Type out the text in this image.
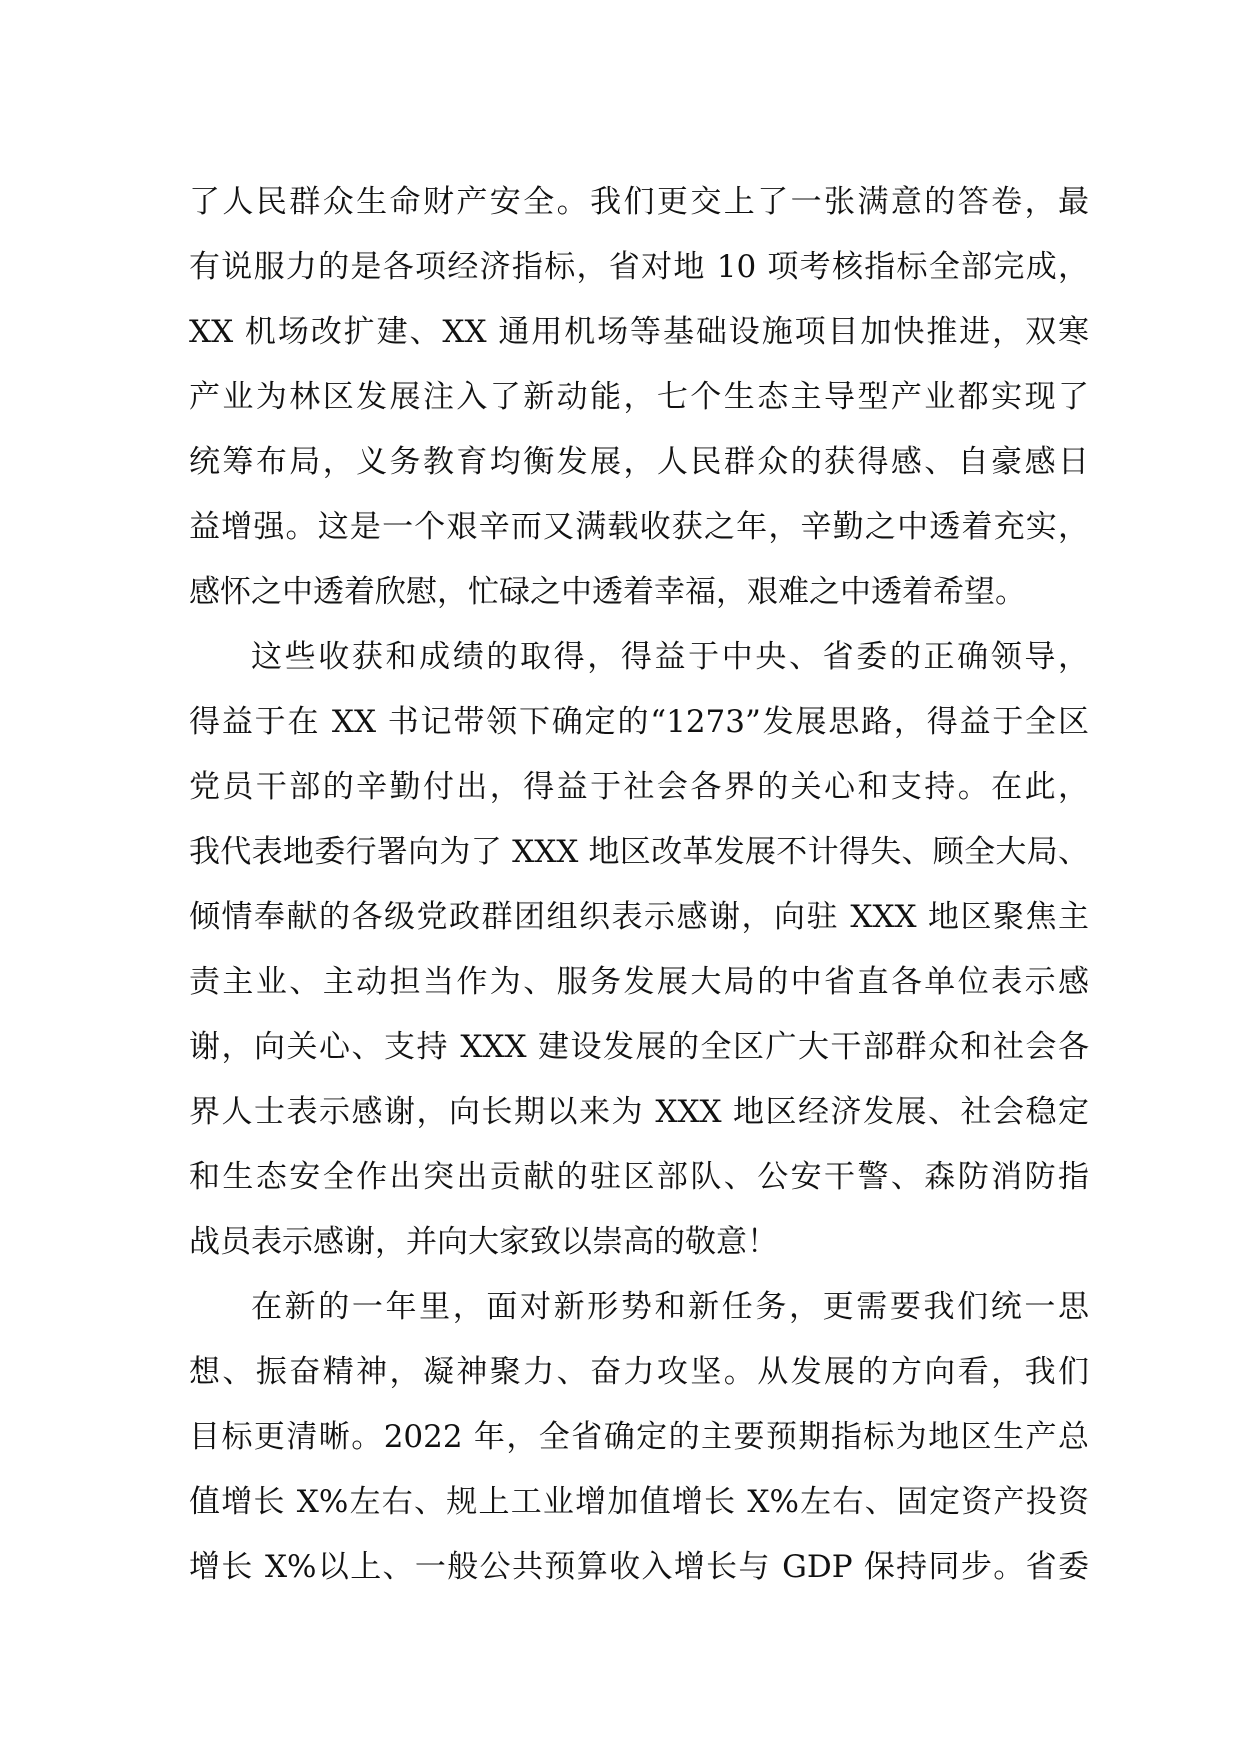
了人民群众生命财产安全。我们更交上了一张满意的答卷，最
有说服力的是各项经济指标，省对地 10 项考核指标全部完成，
XX 机场改扩建、XX 通用机场等基础设施项目加快推进，双寒
产业为林区发展注入了新动能，七个生态主导型产业都实现了
统筹布局，义务教育均衡发展，人民群众的获得感、自豪感日
益增强。这是一个艰辛而又满载收获之年，辛勤之中透着充实，
感怀之中透着欣慰，忙碌之中透着幸福，艰难之中透着希望。
这些收获和成绩的取得，得益于中央、省委的正确领导，
得益于在 XX 书记带领下确定的“1273”发展思路，得益于全区
党员干部的辛勤付出，得益于社会各界的关心和支持。在此，
我代表地委行署向为了 XXX 地区改革发展不计得失、顾全大局、
倾情奉献的各级党政群团组织表示感谢，向驻 XXX 地区聚焦主
责主业、主动担当作为、服务发展大局的中省直各单位表示感
谢，向关心、支持 XXX 建设发展的全区广大干部群众和社会各
界人士表示感谢，向长期以来为 XXX 地区经济发展、社会稳定
和生态安全作出突出贡献的驻区部队、公安干警、森防消防指
战员表示感谢，并向大家致以崇高的敬意！
在新的一年里，面对新形势和新任务，更需要我们统一思
想、振奋精神，凝神聚力、奋力攻坚。从发展的方向看，我们
目标更清晰。2022 年，全省确定的主要预期指标为地区生产总
值增长 X%左右、规上工业增加值增长 X%左右、固定资产投资
增长 X%以上、一般公共预算收入增长与 GDP 保持同步。省委
